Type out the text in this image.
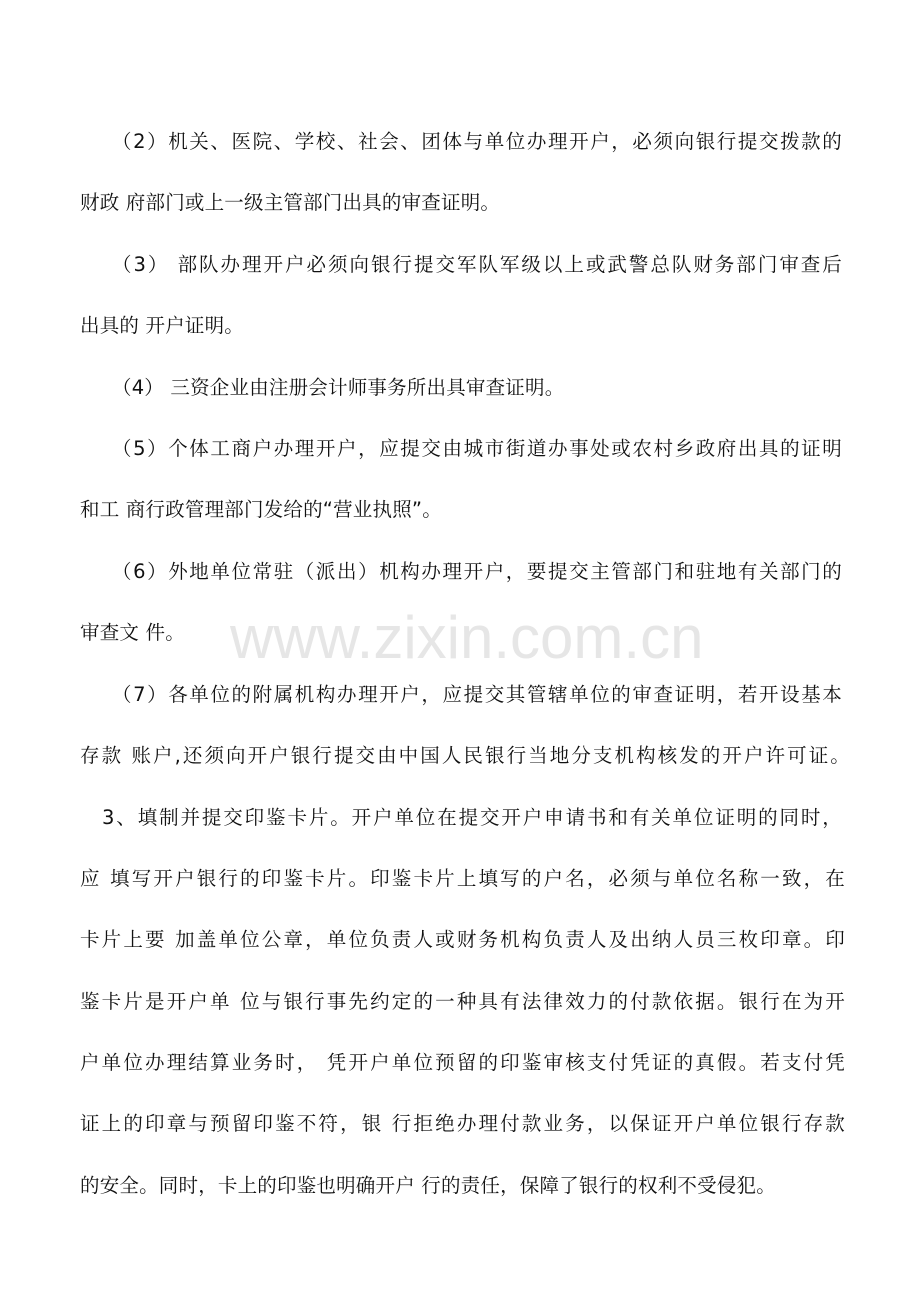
www.zixin.com.cn
（2）机关、医院、学校、社会、团体与单位办理开户，必须向银行提交拨款的
财政 府部门或上一级主管部门出具的审查证明。
（3） 部队办理开户必须向银行提交军队军级以上或武警总队财务部门审查后
出具的 开户证明。
（4） 三资企业由注册会计师事务所出具审查证明。
（5）个体工商户办理开户，应提交由城市街道办事处或农村乡政府出具的证明
和工 商行政管理部门发给的“营业执照”。
（6）外地单位常驻（派出）机构办理开户，要提交主管部门和驻地有关部门的
审查文 件。
（7）各单位的附属机构办理开户，应提交其管辖单位的审查证明，若开设基本
存款 账户,还须向开户银行提交由中国人民银行当地分支机构核发的开户许可证。
3、填制并提交印鉴卡片。开户单位在提交开户申请书和有关单位证明的同时，
应 填写开户银行的印鉴卡片。印鉴卡片上填写的户名，必须与单位名称一致，在
卡片上要 加盖单位公章，单位负责人或财务机构负责人及出纳人员三枚印章。印
鉴卡片是开户单 位与银行事先约定的一种具有法律效力的付款依据。银行在为开
户单位办理结算业务时， 凭开户单位预留的印鉴审核支付凭证的真假。若支付凭
证上的印章与预留印鉴不符，银 行拒绝办理付款业务，以保证开户单位银行存款
的安全。同时，卡上的印鉴也明确开户 行的责任，保障了银行的权利不受侵犯。
